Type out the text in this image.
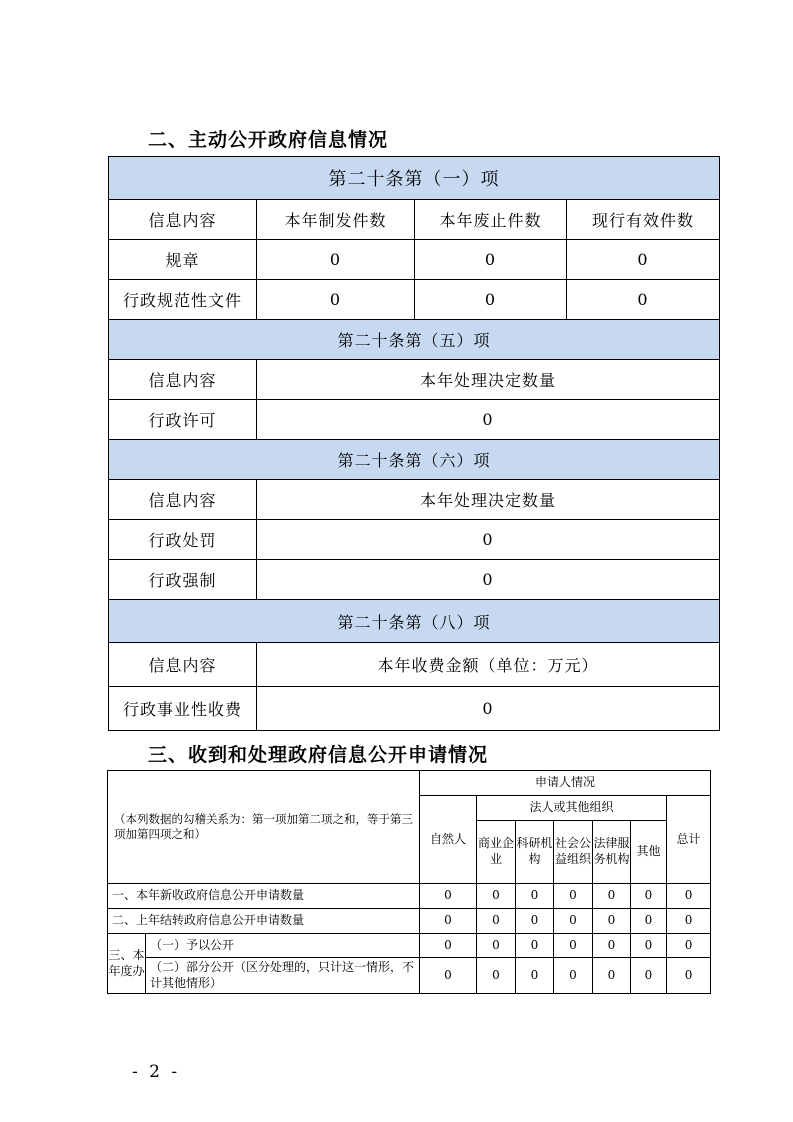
二、主动公开政府信息情况
第二十条第（一）项			
信息内容	本年制发件数	本年废止件数	现行有效件数
规章	0	0	0
行政规范性文件	0	0	0
第二十条第（五）项			
信息内容	本年处理决定数量		
行政许可	0		
第二十条第（六）项			
信息内容	本年处理决定数量		
行政处罚	0		
行政强制	0		
第二十条第（八）项			
信息内容	本年收费金额（单位：万元）		
行政事业性收费	0		
三、收到和处理政府信息公开申请情况
（本列数据的勾稽关系为：第一项加第二项之和，等于第三项加第四项之和）		申请人情况						
		自然人	法人或其他组织					总计
			商业企业	科研机构	社会公益组织	法律服务机构	其他	
一、本年新收政府信息公开申请数量		0	0	0	0	0	0	0
二、上年结转政府信息公开申请数量		0	0	0	0	0	0	0
三、本年度办	（一）予以公开	0	0	0	0	0	0	0
	（二）部分公开（区分处理的，只计这一情形，不计其他情形）	0	0	0	0	0	0	0
- 2 -
